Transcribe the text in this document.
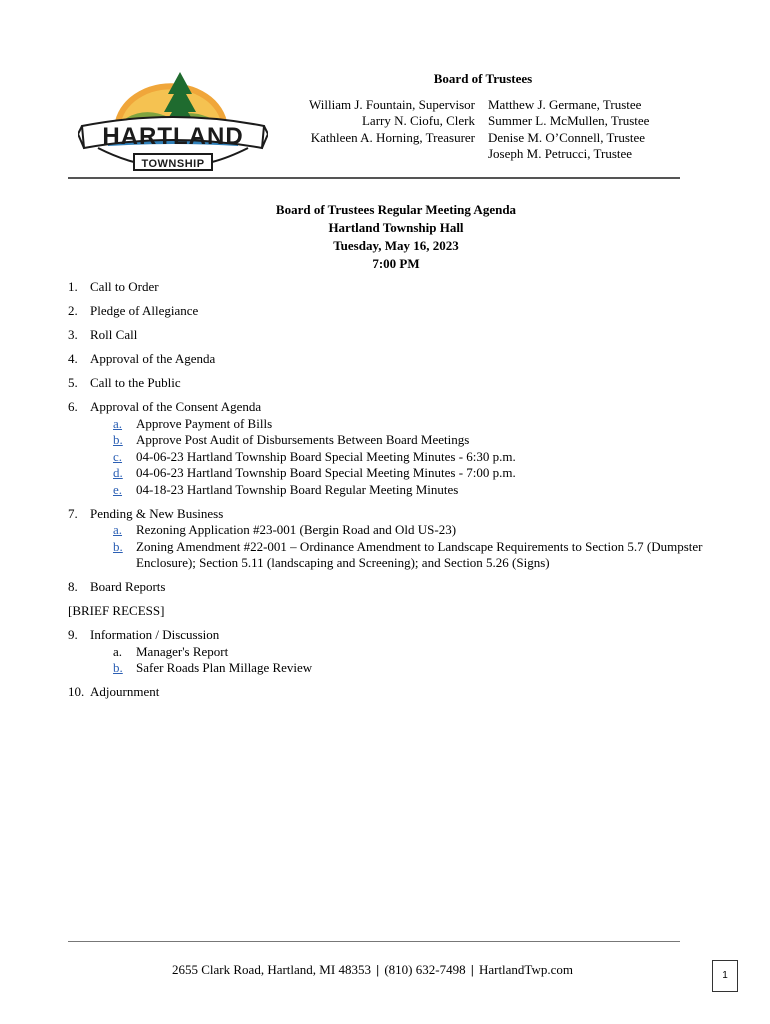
HARTLAND
TOWNSHIP
Board of Trustees
William J. Fountain, Supervisor
Larry N. Ciofu, Clerk
Kathleen A. Horning, Treasurer
Matthew J. Germane, Trustee
Summer L. McMullen, Trustee
Denise M. O’Connell, Trustee
Joseph M. Petrucci, Trustee
Board of Trustees Regular Meeting Agenda
Hartland Township Hall
Tuesday, May 16, 2023
7:00 PM
1. Call to Order
2. Pledge of Allegiance
3. Roll Call
4. Approval of the Agenda
5. Call to the Public
6. Approval of the Consent Agenda
a.	Approve Payment of Bills
b.	Approve Post Audit of Disbursements Between Board Meetings
c.	04-06-23 Hartland Township Board Special Meeting Minutes - 6:30 p.m.
d.	04-06-23 Hartland Township Board Special Meeting Minutes - 7:00 p.m.
e.	04-18-23 Hartland Township Board Regular Meeting Minutes
7. Pending & New Business
a.	Rezoning Application #23-001 (Bergin Road and Old US-23)
b.	Zoning Amendment #22-001 – Ordinance Amendment to Landscape Requirements to Section 5.7 (Dumpster Enclosure); Section 5.11 (landscaping and Screening); and Section 5.26 (Signs)
8. Board Reports
[BRIEF RECESS]
9. Information / Discussion
a.	Manager's Report
b.	Safer Roads Plan Millage Review
10. Adjournment
2655 Clark Road, Hartland, MI 48353 | (810) 632-7498 | HartlandTwp.com	1
